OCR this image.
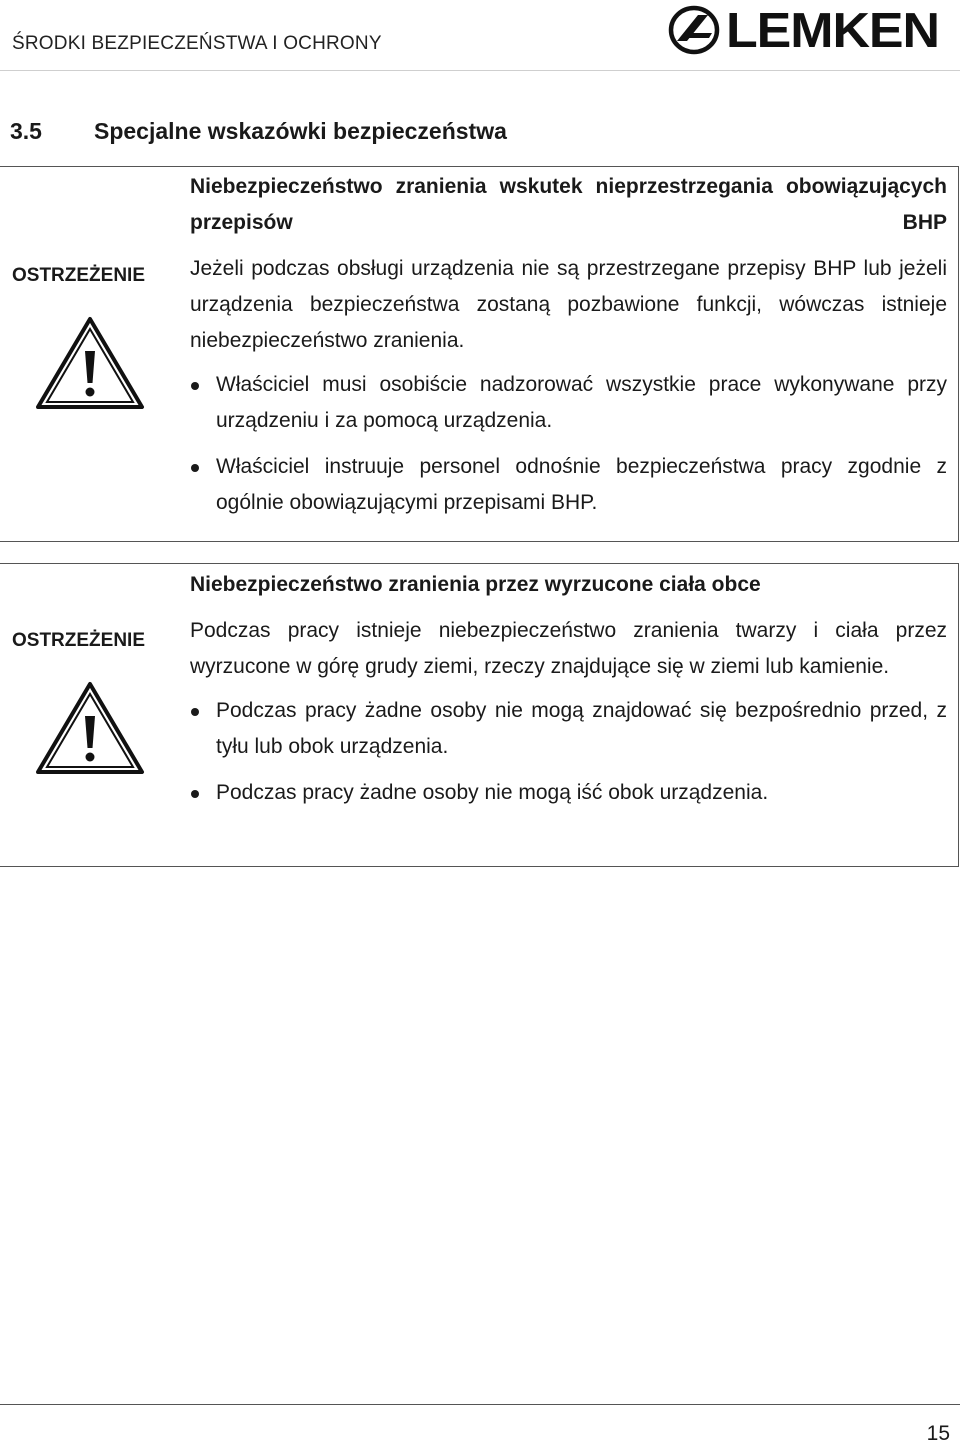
ŚRODKI BEZPIECZEŃSTWA I OCHRONY	LEMKEN
3.5 Specjalne wskazówki bezpieczeństwa
OSTRZEŻENIE
Niebezpieczeństwo zranienia wskutek nieprzestrzegania obowiązujących przepisów BHP
Jeżeli podczas obsługi urządzenia nie są przestrzegane przepisy BHP lub jeżeli urządzenia bezpieczeństwa zostaną pozbawione funkcji, wówczas istnieje niebezpieczeństwo zranienia.
Właściciel musi osobiście nadzorować wszystkie prace wykonywane przy urządzeniu i za pomocą urządzenia.
Właściciel instruuje personel odnośnie bezpieczeństwa pracy zgodnie z ogólnie obowiązującymi przepisami BHP.
OSTRZEŻENIE
Niebezpieczeństwo zranienia przez wyrzucone ciała obce
Podczas pracy istnieje niebezpieczeństwo zranienia twarzy i ciała przez wyrzucone w górę grudy ziemi, rzeczy znajdujące się w ziemi lub kamienie.
Podczas pracy żadne osoby nie mogą znajdować się bezpośrednio przed, z tyłu lub obok urządzenia.
Podczas pracy żadne osoby nie mogą iść obok urządzenia.
15
